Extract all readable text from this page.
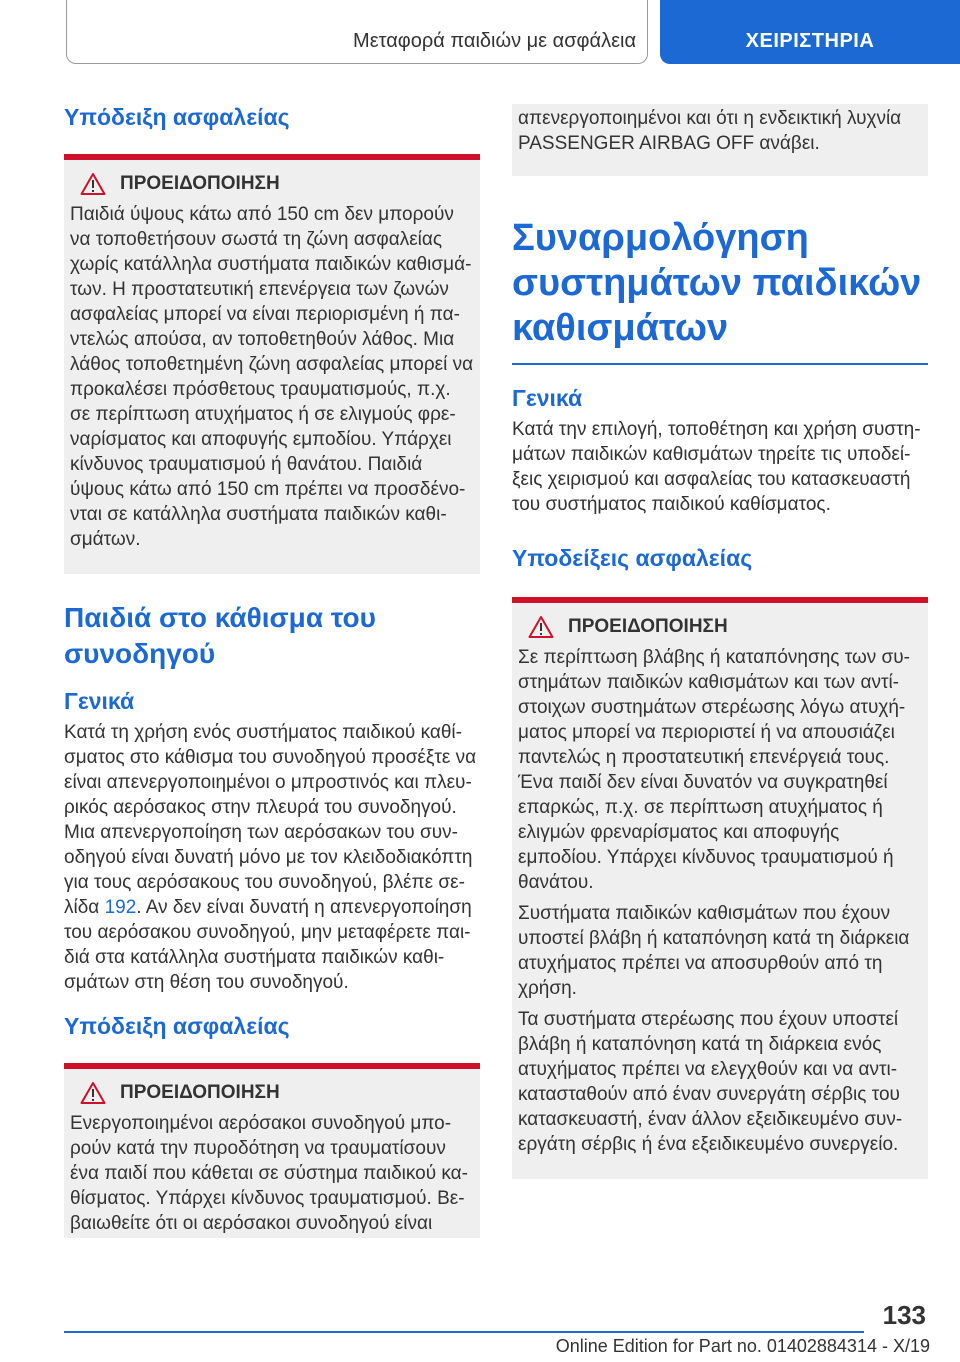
Μεταφορά παιδιών με ασφάλεια	ΧΕΙΡΙΣΤΗΡΙΑ
Υπόδειξη ασφαλείας
ΠΡΟΕΙΔΟΠΟΙΗΣΗ

Παιδιά ύψους κάτω από 150 cm δεν μπορούν να τοποθετήσουν σωστά τη ζώνη ασφαλείας χωρίς κατάλληλα συστήματα παιδικών καθισμάτων. Η προστατευτική επενέργεια των ζωνών ασφαλείας μπορεί να είναι περιορισμένη ή παντελώς απούσα, αν τοποθετηθούν λάθος. Μια λάθος τοποθετημένη ζώνη ασφαλείας μπορεί να προκαλέσει πρόσθετους τραυματισμούς, π.χ. σε περίπτωση ατυχήματος ή σε ελιγμούς φρεναρίσματος και αποφυγής εμποδίου. Υπάρχει κίνδυνος τραυματισμού ή θανάτου. Παιδιά ύψους κάτω από 150 cm πρέπει να προσδένονται σε κατάλληλα συστήματα παιδικών καθισμάτων.

Παιδιά στο κάθισμα του συνοδηγού
Γενικά

Κατά τη χρήση ενός συστήματος παιδικού καθίσματος στο κάθισμα του συνοδηγού προσέξτε να είναι απενεργοποιημένοι ο μπροστινός και πλευρικός αερόσακος στην πλευρά του συνοδηγού. Μια απενεργοποίηση των αερόσακων του συνοδηγού είναι δυνατή μόνο με τον κλειδοδιακόπτη για τους αερόσακους του συνοδηγού, βλέπε σελίδα 192. Αν δεν είναι δυνατή η απενεργοποίηση του αερόσακου συνοδηγού, μην μεταφέρετε παιδιά στα κατάλληλα συστήματα παιδικών καθισμάτων στη θέση του συνοδηγού.

Υπόδειξη ασφαλείας
ΠΡΟΕΙΔΟΠΟΙΗΣΗ

Ενεργοποιημένοι αερόσακοι συνοδηγού μπορούν κατά την πυροδότηση να τραυματίσουν ένα παιδί που κάθεται σε σύστημα παιδικού καθίσματος. Υπάρχει κίνδυνος τραυματισμού. Βεβαιωθείτε ότι οι αερόσακοι συνοδηγού είναι

απενεργοποιημένοι και ότι η ενδεικτική λυχνία PASSENGER AIRBAG OFF ανάβει.

Συναρμολόγηση συστημάτων παιδικών καθισμάτων
Γενικά

Κατά την επιλογή, τοποθέτηση και χρήση συστημάτων παιδικών καθισμάτων τηρείτε τις υποδείξεις χειρισμού και ασφαλείας του κατασκευαστή του συστήματος παιδικού καθίσματος.

Υποδείξεις ασφαλείας
ΠΡΟΕΙΔΟΠΟΙΗΣΗ

Σε περίπτωση βλάβης ή καταπόνησης των συστημάτων παιδικών καθισμάτων και των αντίστοιχων συστημάτων στερέωσης λόγω ατυχήματος μπορεί να περιοριστεί ή να απουσιάζει παντελώς η προστατευτική επενέργειά τους. Ένα παιδί δεν είναι δυνατόν να συγκρατηθεί επαρκώς, π.χ. σε περίπτωση ατυχήματος ή ελιγμών φρεναρίσματος και αποφυγής εμποδίου. Υπάρχει κίνδυνος τραυματισμού ή θανάτου.

Συστήματα παιδικών καθισμάτων που έχουν υποστεί βλάβη ή καταπόνηση κατά τη διάρκεια ατυχήματος πρέπει να αποσυρθούν από τη χρήση.

Τα συστήματα στερέωσης που έχουν υποστεί βλάβη ή καταπόνηση κατά τη διάρκεια ενός ατυχήματος πρέπει να ελεγχθούν και να αντικατασταθούν από έναν συνεργάτη σέρβις του κατασκευαστή, έναν άλλον εξειδικευμένο συνεργάτη σέρβις ή ένα εξειδικευμένο συνεργείο.

133
Online Edition for Part no. 01402884314 - X/19
